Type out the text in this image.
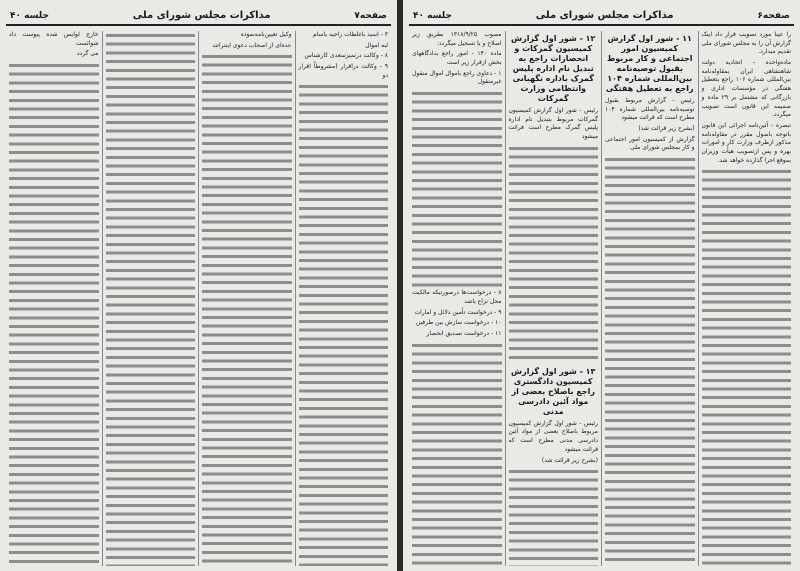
صفحه۷
مذاکرات مجلس شورای ملی
جلسه ۴۰
۳ - اسید باغلظات زاجیه یاسام
لبه اموال
۸ - وکالت درتمیزسعدی کارشناس
۹ - وکالت دراقرار (مشروطاً اقرار دو
وکیل تعیین‌نامه‌نموده
عده‌ای از اصحاب دعوی اینتراتند
خارج لوایس شده پیوست داد شوائست
می گردد
صفحه۶
مذاکرات مجلس شورای ملی
جلسه ۴۰
را عیناً مورد تصویب قرار داد اینک گزارش آن را به مجلس شورای ملی تقدیم میدارد.
ماده‌واحده - اتحادیه دولت شاهنشاهی ایران بمقاوله‌نامه بین‌المللی شماره ۱۰۶ راجع بتعطیل هفتگی در مؤسسات اداری و بازرگانی که مشتمل بر ۲۹ ماده و ضمیمه این قانون است تصویب میگردد.
تبصره - آئین‌نامه اجرائی این قانون باتوجه باصول مقرر در مقاوله‌نامه مذکور ازطرف وزارت کار و امورات بهره و پس ازتصویب هیأت وزیران بموقع اجرا گذارده خواهد شد.
۱۱ - شور اول گزارش کمیسیون امور اجتماعی و کار مربوط بقبول توصیه‌نامه بین‌المللی شماره ۱۰۴ راجع به تعطیل هفتگی
رئیس - گزارش مربوط بقبول توصیه‌نامه بین‌المللی شماره ۱۰۴ مطرح است که قرائت میشود
(بشرح زیر قرائت شد)
گزارش از کمیسیون امور اجتماعی و کار بمجلس شورای ملی
۱۲ - شور اول گزارش کمیسیون گمرکات و انحصارات راجع به تبدیل نام اداره پلیس گمرک باداره نگهبانی وانتظامی وزارت گمرکات
رئیس - شور اول گزارش کمیسیون گمرکات مربوط بتبدیل نام اداره پلیس گمرک مطرح است قرائت میشود
۱۳ - شور اول گزارش کمیسیون دادگستری راجع باصلاح بعضی از مواد آئین دادرسی مدنی
رئیس - شور اول گزارش کمیسیون مربوط باصلاح بعضی از مواد آئین دادرسی مدنی مطرح است که قرائت میشود
(بشرح زیر قرائت شد)
مصوب ۱۳۱۸/۹/۲۵ بطریق زیر اصلاح و یا تسجیل میگردد:
ماده ۱۴۰ - امور راجع بدادگاههای بخش ازقرار زیر است
۱ - دعاوی راجع باموال اموال منقول غیرمنقول
۸ - درخواست‌ها درصورتیکه مالکیت محل نزاع باشد
۹ - درخواست تأمین دلائل و امارات
۱۰ - درخواست سازش بین طرفین
۱۱ - درخواست تصدیق انحصار
